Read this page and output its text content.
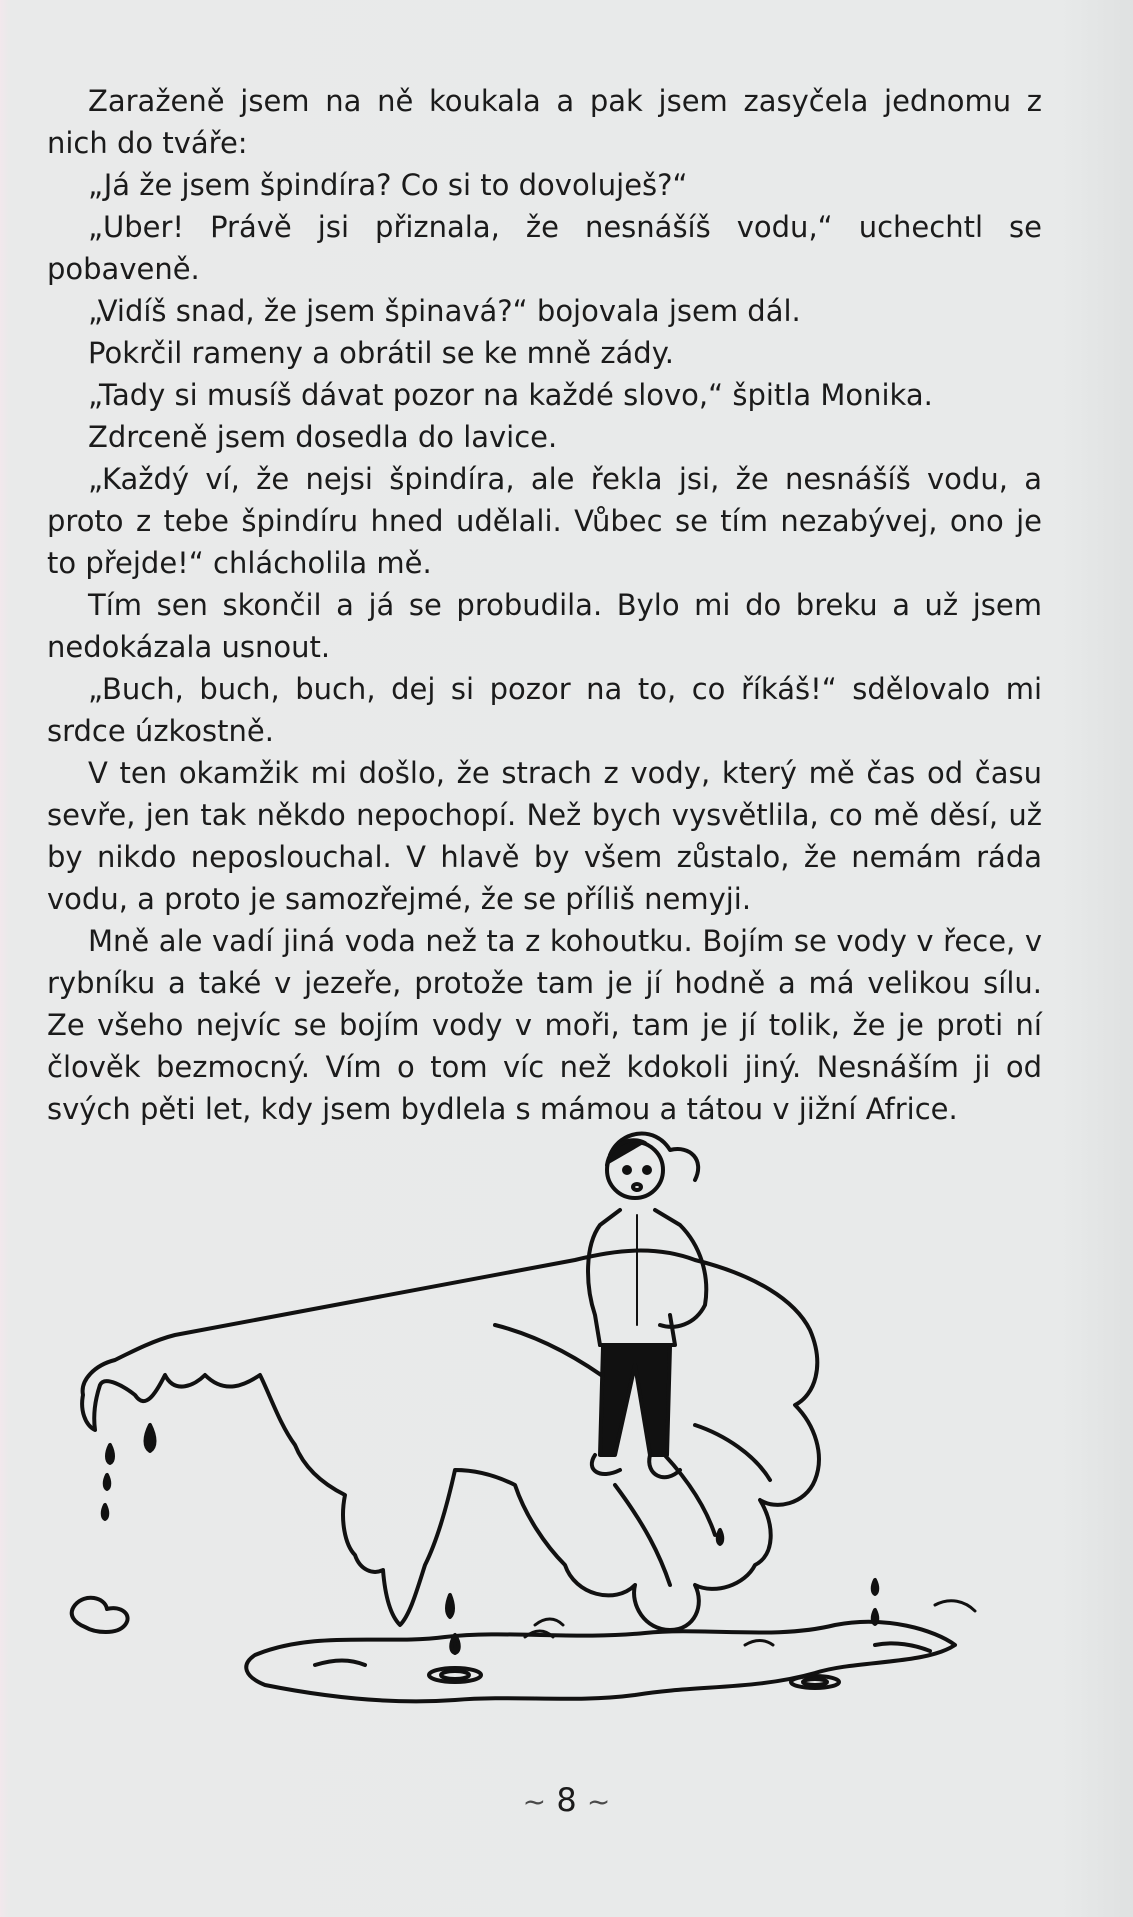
Zaraženě jsem na ně koukala a pak jsem zasyčela jednomu z nich do tváře:

„Já že jsem špindíra? Co si to dovoluješ?“

„Uber! Právě jsi přiznala, že nesnášíš vodu,“ uchechtl se pobaveně.

„Vidíš snad, že jsem špinavá?“ bojovala jsem dál.

Pokrčil rameny a obrátil se ke mně zády.

„Tady si musíš dávat pozor na každé slovo,“ špitla Monika.

Zdrceně jsem dosedla do lavice.

„Každý ví, že nejsi špindíra, ale řekla jsi, že nesnášíš vodu, a proto z tebe špindíru hned udělali. Vůbec se tím nezabývej, ono je to přejde!“ chlácholila mě.

Tím sen skončil a já se probudila. Bylo mi do breku a už jsem nedokázala usnout.

„Buch, buch, buch, dej si pozor na to, co říkáš!“ sdělovalo mi srdce úzkostně.

V ten okamžik mi došlo, že strach z vody, který mě čas od času sevře, jen tak někdo nepochopí. Než bych vysvětlila, co mě děsí, už by nikdo neposlouchal. V hlavě by všem zůstalo, že nemám ráda vodu, a proto je samozřejmé, že se příliš nemyji.

Mně ale vadí jiná voda než ta z kohoutku. Bojím se vody v řece, v rybníku a také v jezeře, protože tam je jí hodně a má velikou sílu. Ze všeho nejvíc se bojím vody v moři, tam je jí tolik, že je proti ní člověk bezmocný. Vím o tom víc než kdokoli jiný. Nesnáším ji od svých pěti let, kdy jsem bydlela s mámou a tátou v jižní Africe.

~ 8 ~
